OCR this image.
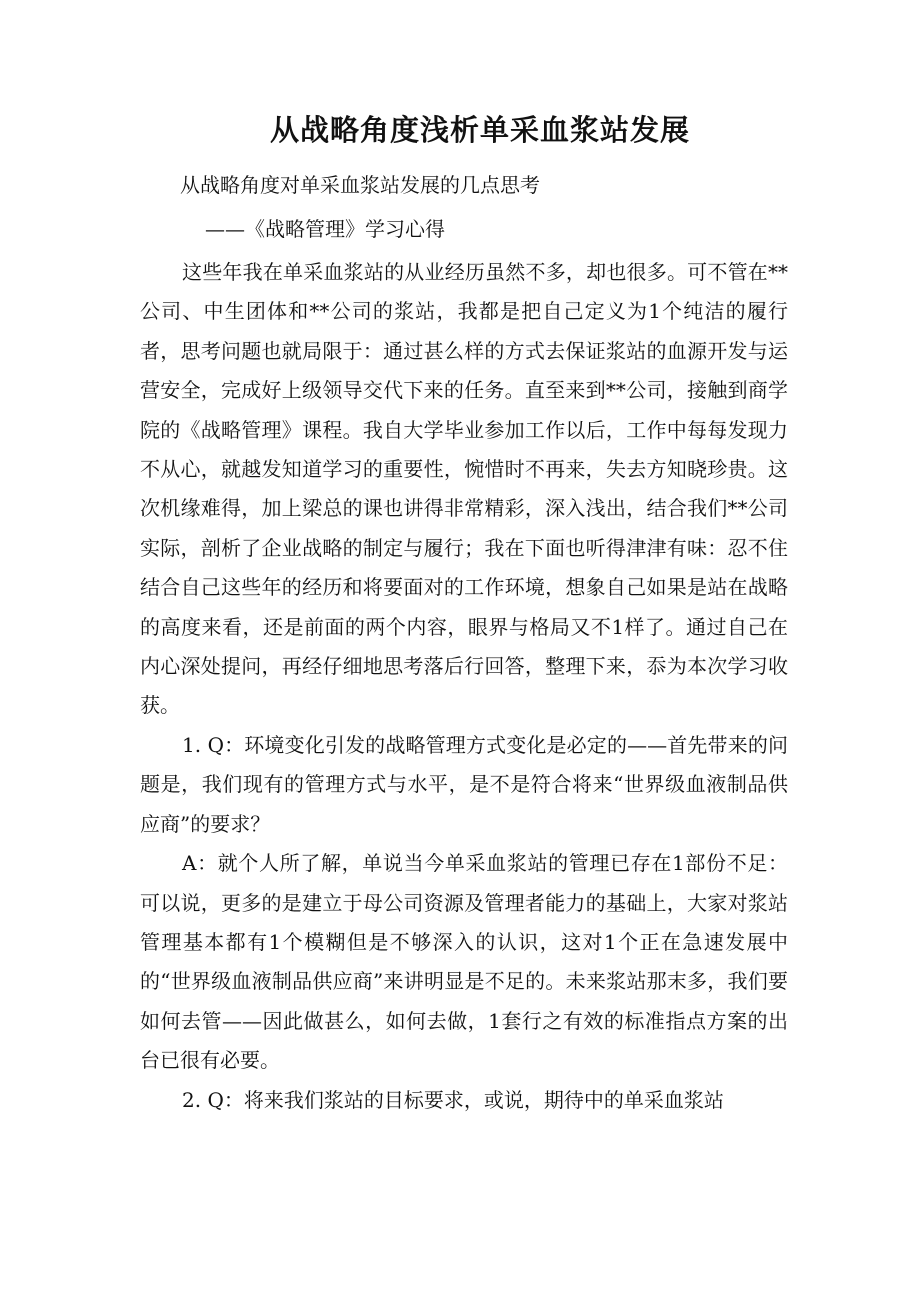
从战略角度浅析单采血浆站发展
从战略角度对单采血浆站发展的几点思考
——《战略管理》学习心得

这些年我在单采血浆站的从业经历虽然不多，却也很多。可不管在**公司、中生团体和**公司的浆站，我都是把自己定义为1个纯洁的履行者，思考问题也就局限于：通过甚么样的方式去保证浆站的血源开发与运营安全，完成好上级领导交代下来的任务。直至来到**公司，接触到商学院的《战略管理》课程。我自大学毕业参加工作以后，工作中每每发现力不从心，就越发知道学习的重要性，惋惜时不再来，失去方知晓珍贵。这次机缘难得，加上梁总的课也讲得非常精彩，深入浅出，结合我们**公司实际，剖析了企业战略的制定与履行；我在下面也听得津津有味：忍不住结合自己这些年的经历和将要面对的工作环境，想象自己如果是站在战略的高度来看，还是前面的两个内容，眼界与格局又不1样了。通过自己在内心深处提问，再经仔细地思考落后行回答，整理下来，忝为本次学习收获。

1. Q：环境变化引发的战略管理方式变化是必定的——首先带来的问题是，我们现有的管理方式与水平，是不是符合将来“世界级血液制品供应商”的要求？

A：就个人所了解，单说当今单采血浆站的管理已存在1部份不足：可以说，更多的是建立于母公司资源及管理者能力的基础上，大家对浆站管理基本都有1个模糊但是不够深入的认识，这对1个正在急速发展中的“世界级血液制品供应商”来讲明显是不足的。未来浆站那末多，我们要如何去管——因此做甚么，如何去做，1套行之有效的标准指点方案的出台已很有必要。

2. Q：将来我们浆站的目标要求，或说，期待中的单采血浆站
